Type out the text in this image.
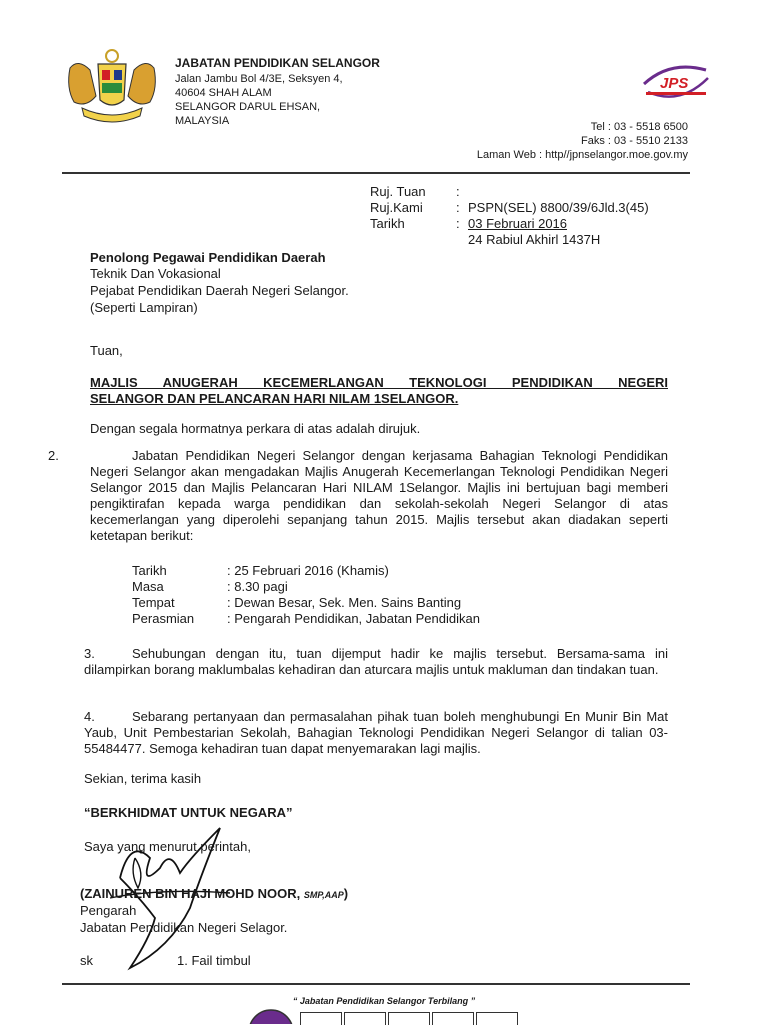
JABATAN PENDIDIKAN SELANGOR
Jalan Jambu Bol 4/3E, Seksyen 4,
40604 SHAH ALAM
SELANGOR DARUL EHSAN,
MALAYSIA
JPS
Tel : 03 - 5518 6500
Faks : 03 - 5510 2133
Laman Web : http//jpnselangor.moe.gov.my
Ruj. Tuan	:
Ruj.Kami	: PSPN(SEL) 8800/39/6Jld.3(45)
Tarikh	: 03 Februari 2016
24 Rabiul Akhirl 1437H
Penolong Pegawai Pendidikan Daerah
Teknik Dan Vokasional
Pejabat Pendidikan Daerah Negeri Selangor.
(Seperti Lampiran)
Tuan,
MAJLIS ANUGERAH KECEMERLANGAN TEKNOLOGI PENDIDIKAN NEGERI
SELANGOR DAN PELANCARAN HARI NILAM 1SELANGOR.
Dengan segala hormatnya perkara di atas adalah dirujuk.
2.	Jabatan Pendidikan Negeri Selangor dengan kerjasama Bahagian Teknologi Pendidikan Negeri Selangor akan mengadakan Majlis Anugerah Kecemerlangan Teknologi Pendidikan Negeri Selangor 2015 dan Majlis Pelancaran Hari NILAM 1Selangor. Majlis ini bertujuan bagi memberi pengiktirafan kepada warga pendidikan dan sekolah-sekolah Negeri Selangor di atas kecemerlangan yang diperolehi sepanjang tahun 2015. Majlis tersebut akan diadakan seperti ketetapan berikut:
Tarikh	: 25 Februari 2016 (Khamis)
Masa	: 8.30 pagi
Tempat	: Dewan Besar, Sek. Men. Sains Banting
Perasmian	: Pengarah Pendidikan, Jabatan Pendidikan
3.	Sehubungan dengan itu, tuan dijemput hadir ke majlis tersebut. Bersama-sama ini dilampirkan borang maklumbalas kehadiran dan aturcara majlis untuk makluman dan tindakan tuan.
4.	Sebarang pertanyaan dan permasalahan pihak tuan boleh menghubungi En Munir Bin Mat Yaub, Unit Pembestarian Sekolah, Bahagian Teknologi Pendidikan Negeri Selangor di talian 03-55484477. Semoga kehadiran tuan dapat menyemarakan lagi majlis.
Sekian, terima kasih
“BERKHIDMAT UNTUK NEGARA”
Saya yang menurut perintah,
(ZAINUREN BIN HAJI MOHD NOOR, SMP,AAP)
Pengarah
Jabatan Pendidikan Negeri Selagor.
sk	1. Fail timbul
“ Jabatan Pendidikan Selangor Terbilang ”
